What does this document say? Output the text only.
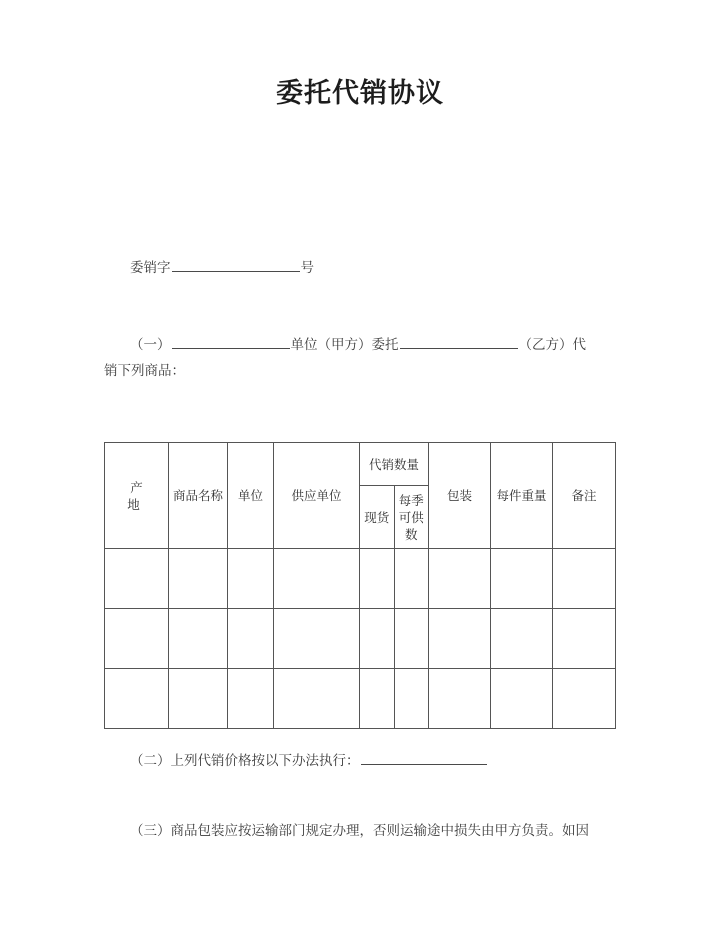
委托代销协议
委销字	号
（一）	单位（甲方）委托	（乙方）代
销下列商品：
产　地	商品名称	单位	供应单位	代销数量		包装	每件重量	备注
				现货	每季可供　数			

（二）上列代销价格按以下办法执行：
（三）商品包装应按运输部门规定办理，否则运输途中损失由甲方负责。如因
